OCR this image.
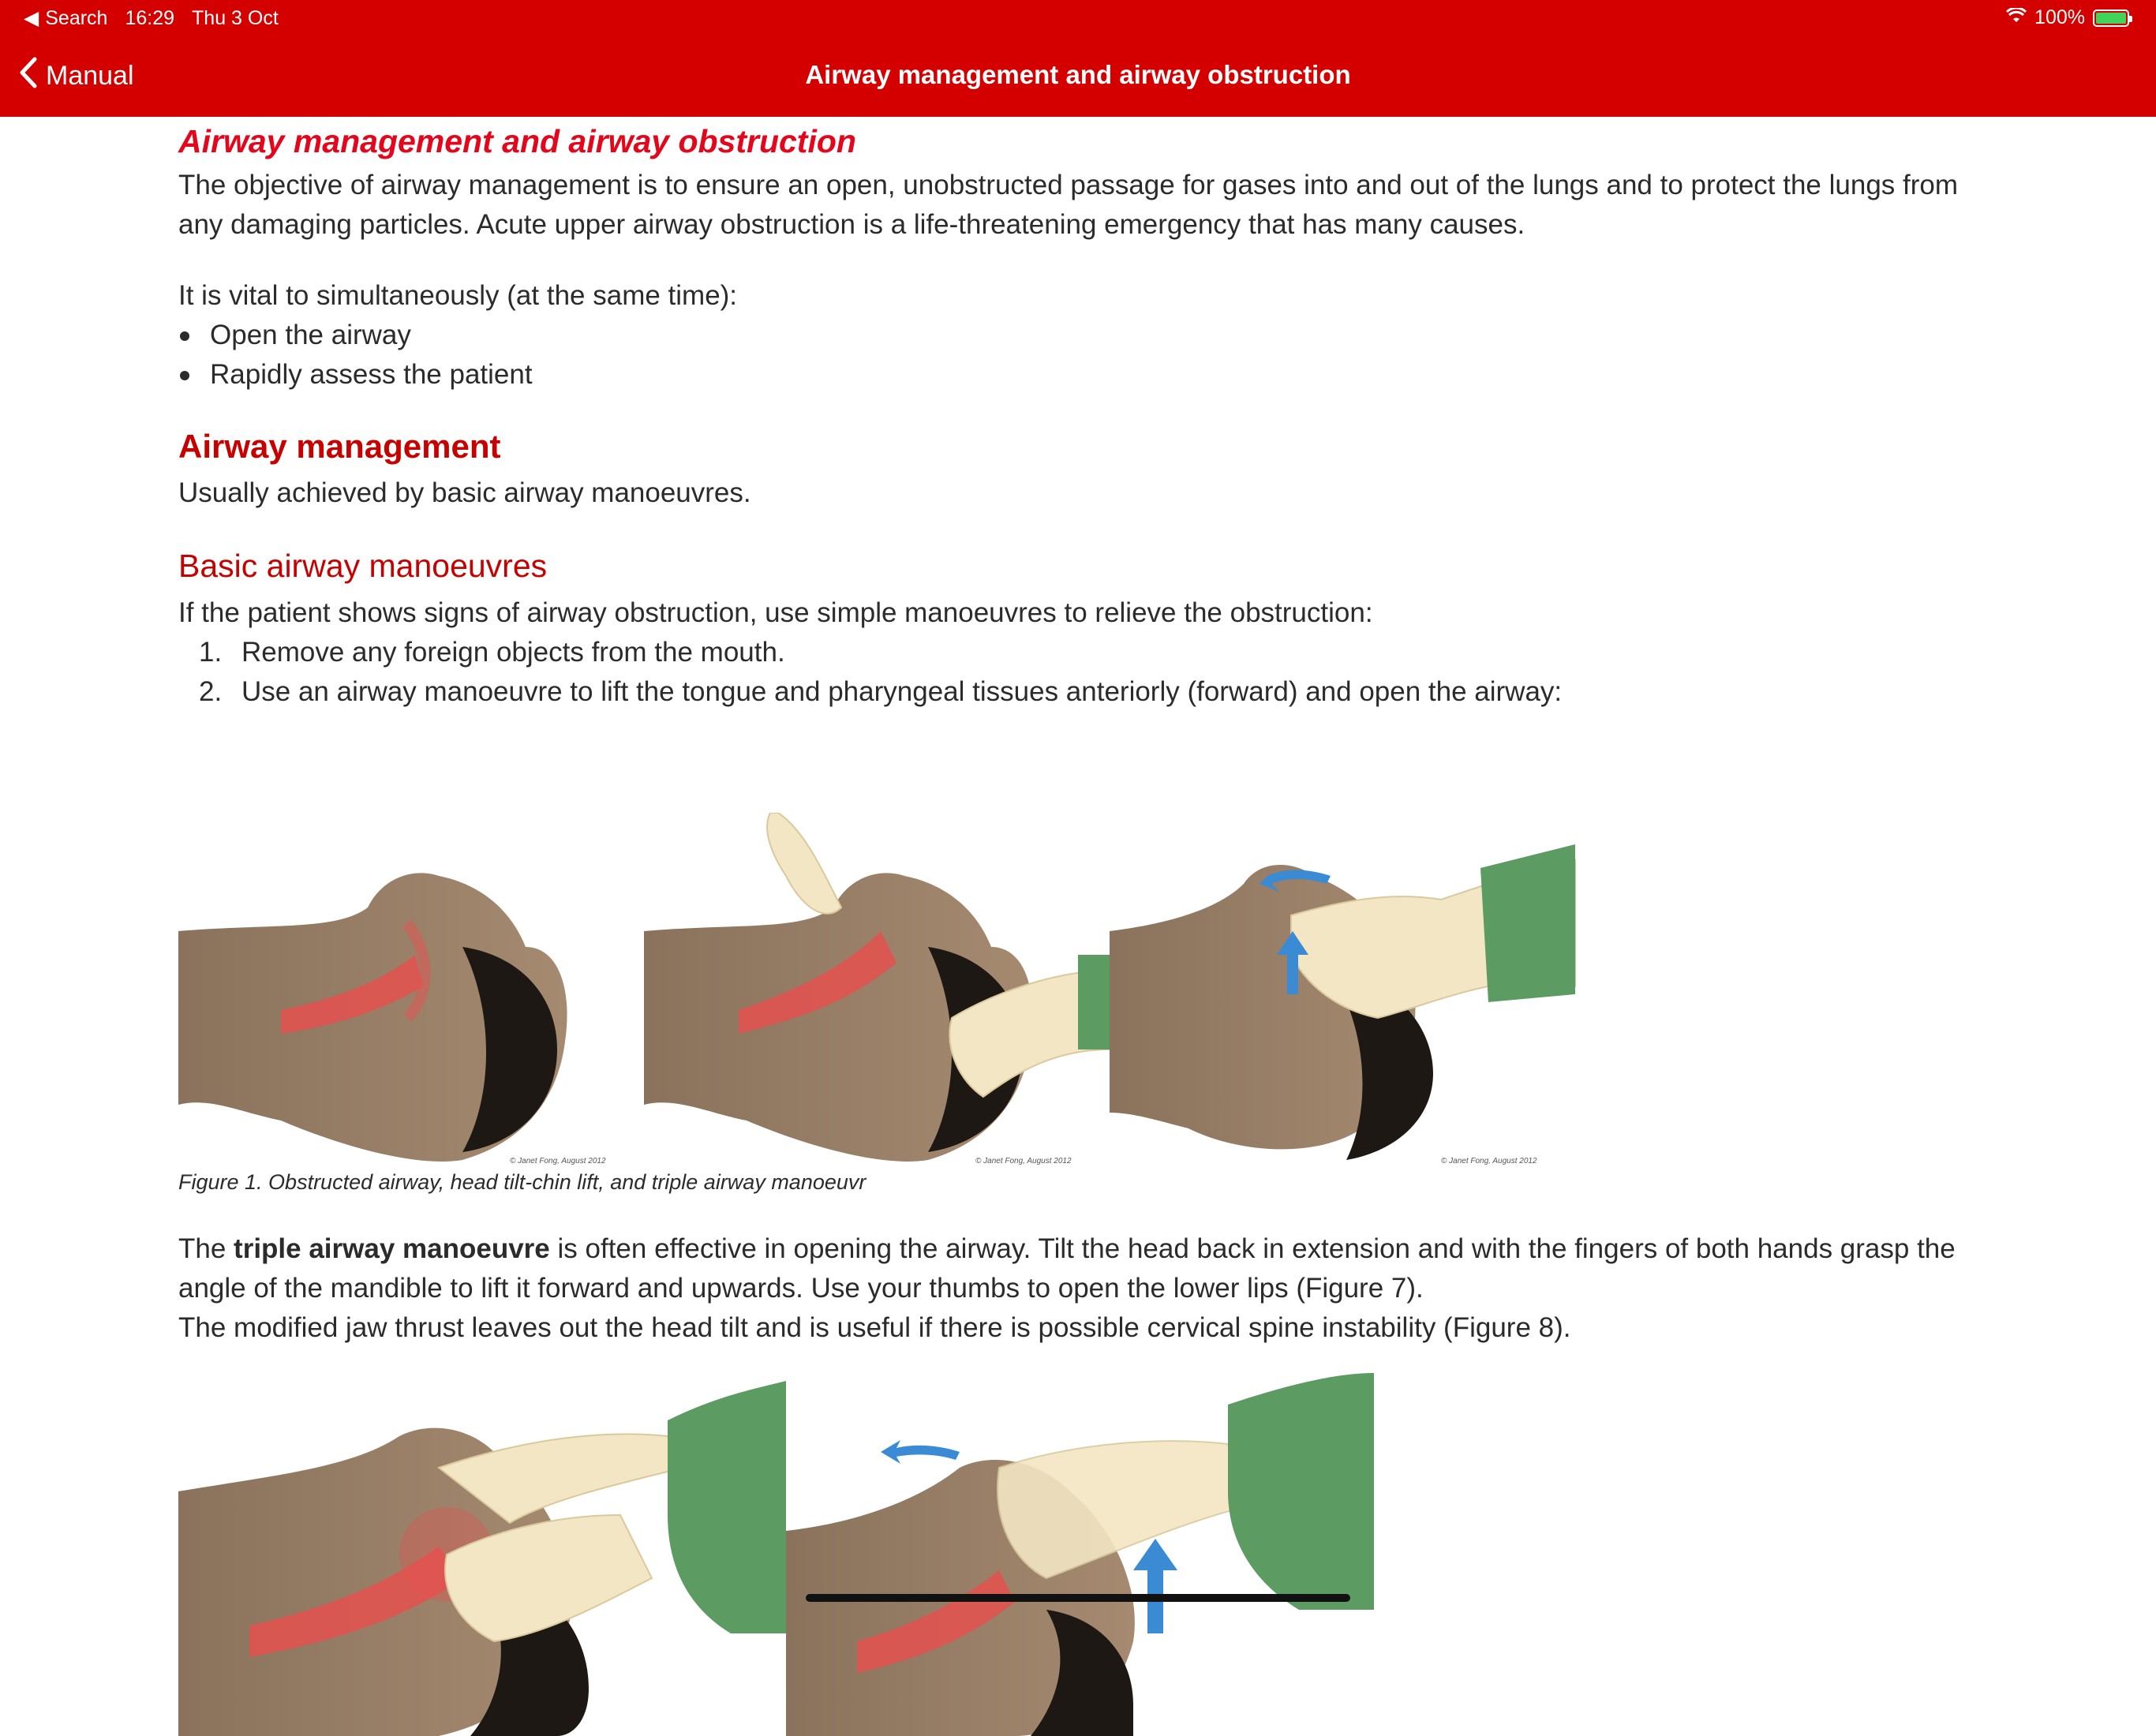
◀ Search 16:29 Thu 3 Oct	100%
Manual	Airway management and airway obstruction
Airway management and airway obstruction

The objective of airway management is to ensure an open, unobstructed passage for gases into and out of the lungs and to protect the lungs from any damaging particles. Acute upper airway obstruction is a life-threatening emergency that has many causes.

It is vital to simultaneously (at the same time):

Open the airway
Rapidly assess the patient
Airway management

Usually achieved by basic airway manoeuvres.

Basic airway manoeuvres

If the patient shows signs of airway obstruction, use simple manoeuvres to relieve the obstruction:

1. Remove any foreign objects from the mouth.
2. Use an airway manoeuvre to lift the tongue and pharyngeal tissues anteriorly (forward) and open the airway:
© Janet Fong, August 2012	© Janet Fong, August 2012	© Janet Fong, August 2012

Figure 1. Obstructed airway, head tilt-chin lift, and triple airway manoeuvr

The triple airway manoeuvre is often effective in opening the airway. Tilt the head back in extension and with the fingers of both hands grasp the angle of the mandible to lift it forward and upwards. Use your thumbs to open the lower lips (Figure 7).
The modified jaw thrust leaves out the head tilt and is useful if there is possible cervical spine instability (Figure 8).
